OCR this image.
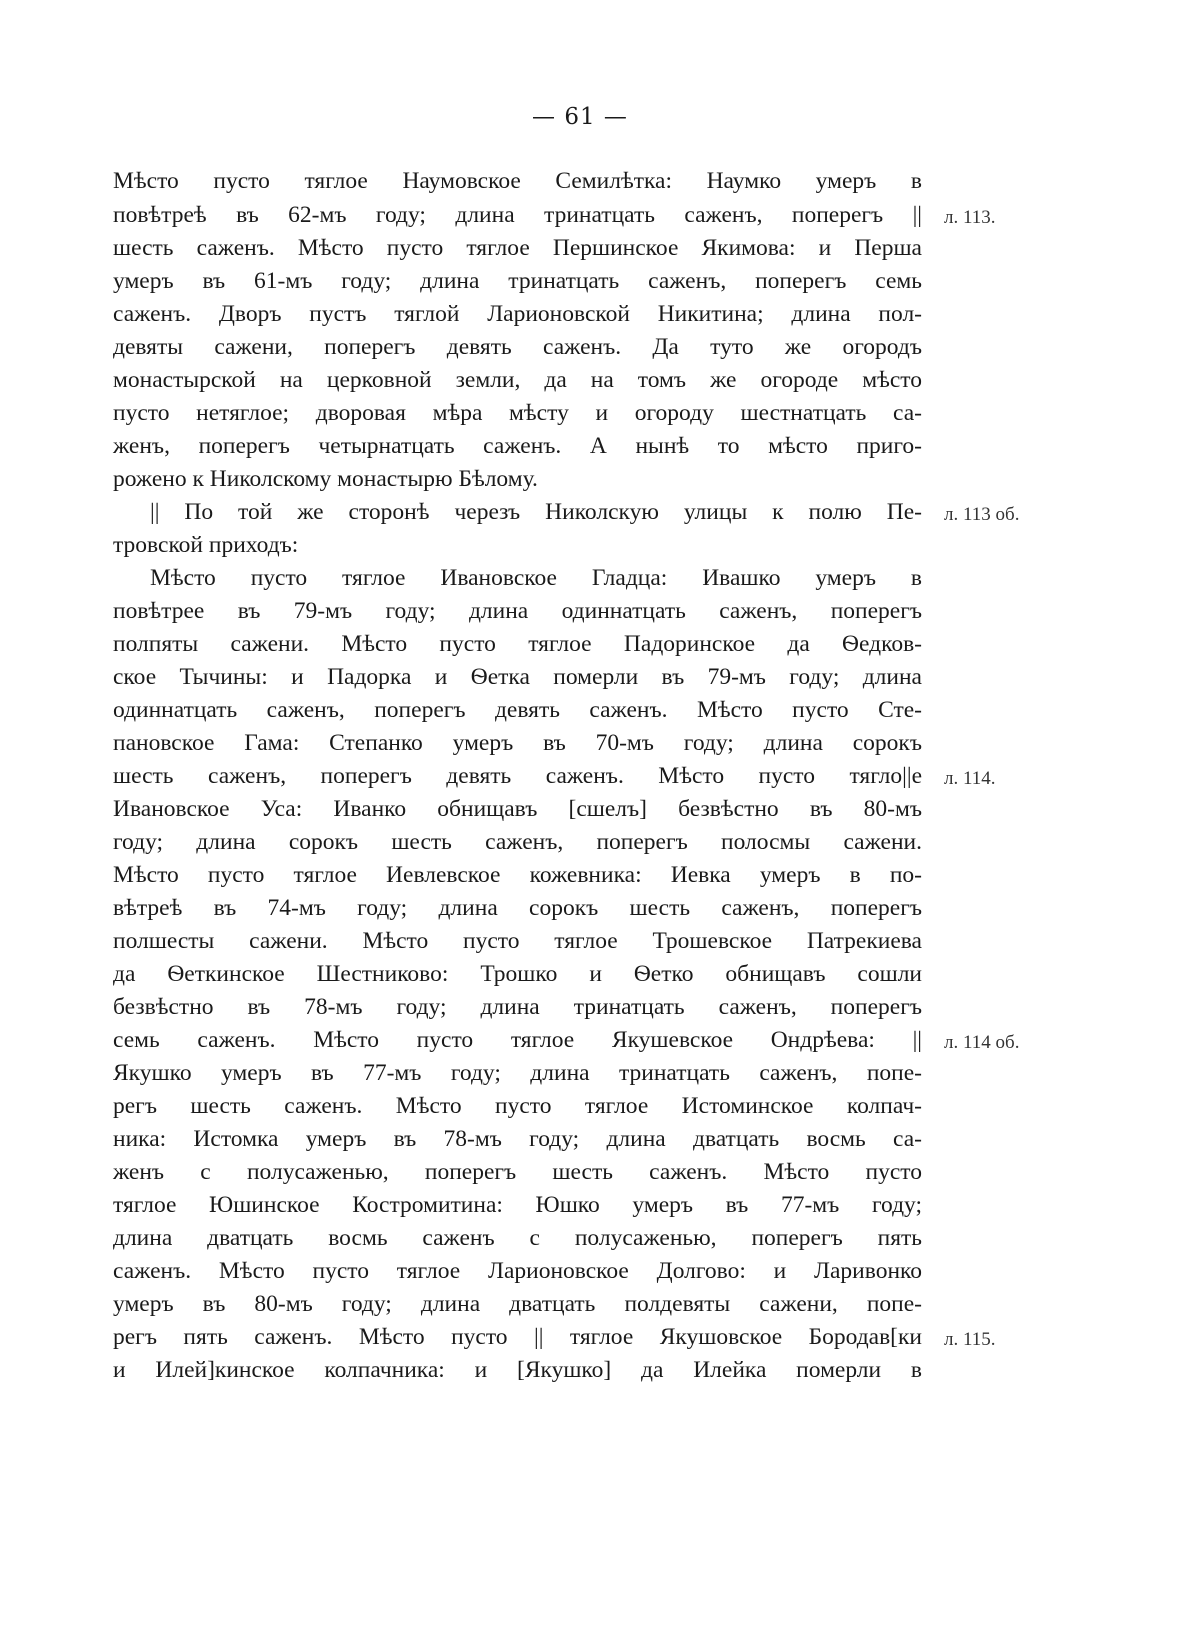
— 61 —
Мѣсто пусто тяглое Наумовское Семилѣтка: Наумко умеръ в
повѣтреѣ въ 62-мъ году; длина тринатцать саженъ, поперегъ ||
шесть саженъ. Мѣсто пусто тяглое Першинское Якимова: и Перша
умеръ въ 61-мъ году; длина тринатцать саженъ, поперегъ семь
саженъ. Дворъ пустъ тяглой Ларионовской Никитина; длина пол-
девяты сажени, поперегъ девять саженъ. Да туто же огородъ
монастырской на церковной земли, да на томъ же огороде мѣсто
пусто нетяглое; дворовая мѣра мѣсту и огороду шестнатцать са-
женъ, поперегъ четырнатцать саженъ. А нынѣ то мѣсто приго-
рожено к Николскому монастырю Бѣлому.
|| По той же сторонѣ черезъ Николскую улицы к полю Пе-
тровской приходъ:
Мѣсто пусто тяглое Ивановское Гладца: Ивашко умеръ в
повѣтрее въ 79-мъ году; длина одиннатцать саженъ, поперегъ
полпяты сажени. Мѣсто пусто тяглое Падоринское да Ѳедков-
ское Тычины: и Падорка и Ѳетка померли въ 79-мъ году; длина
одиннатцать саженъ, поперегъ девять саженъ. Мѣсто пусто Сте-
пановское Гама: Степанко умеръ въ 70-мъ году; длина сорокъ
шесть саженъ, поперегъ девять саженъ. Мѣсто пусто тягло||е
Ивановское Уса: Иванко обнищавъ [сшелъ] безвѣстно въ 80-мъ
году; длина сорокъ шесть саженъ, поперегъ полосмы сажени.
Мѣсто пусто тяглое Иевлевское кожевника: Иевка умеръ в по-
вѣтреѣ въ 74-мъ году; длина сорокъ шесть саженъ, поперегъ
полшесты сажени. Мѣсто пусто тяглое Трошевское Патрекиева
да Ѳеткинское Шестниково: Трошко и Ѳетко обнищавъ сошли
безвѣстно въ 78-мъ году; длина тринатцать саженъ, поперегъ
семь саженъ. Мѣсто пусто тяглое Якушевское Ондрѣева: ||
Якушко умеръ въ 77-мъ году; длина тринатцать саженъ, попе-
регъ шесть саженъ. Мѣсто пусто тяглое Истоминское колпач-
ника: Истомка умеръ въ 78-мъ году; длина дватцать восмь са-
женъ с полусаженью, поперегъ шесть саженъ. Мѣсто пусто
тяглое Юшинское Костромитина: Юшко умеръ въ 77-мъ году;
длина дватцать восмь саженъ с полусаженью, поперегъ пять
саженъ. Мѣсто пусто тяглое Ларионовское Долгово: и Ларивонко
умеръ въ 80-мъ году; длина дватцать полдевяты сажени, попе-
регъ пять саженъ. Мѣсто пусто || тяглое Якушовское Бородав[ки
и Илей]кинское колпачника: и [Якушко] да Илейка померли в
л. 113.
л. 113 об.
л. 114.
л. 114 об.
л. 115.
